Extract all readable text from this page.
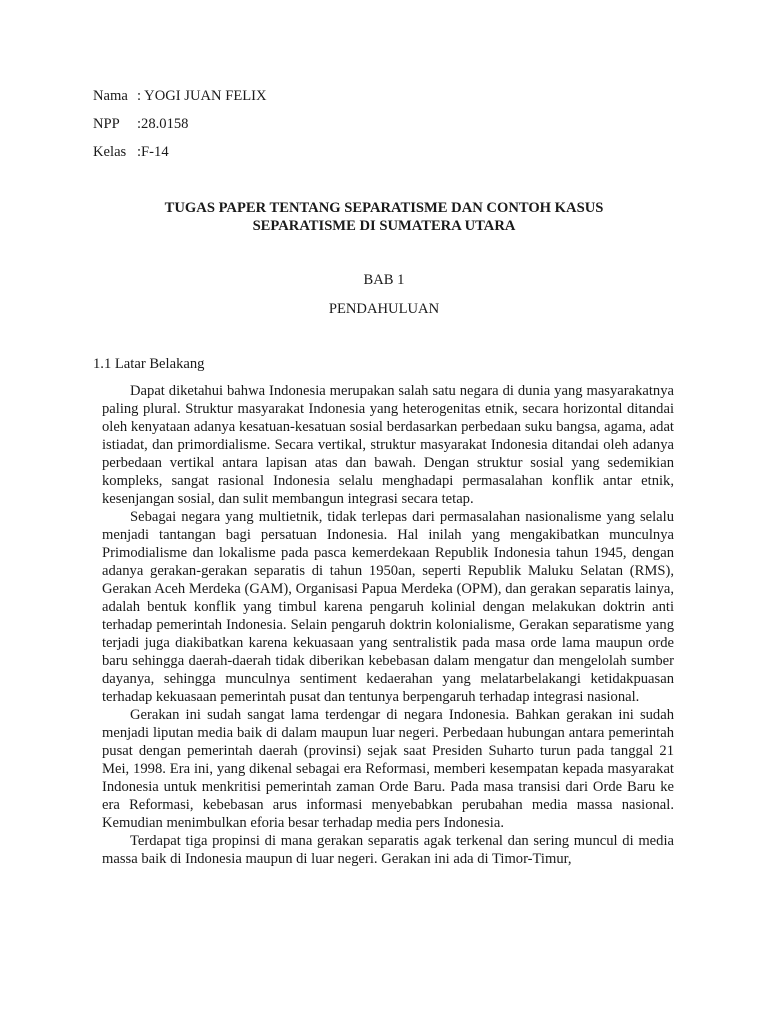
Nama : YOGI JUAN FELIX
NPP :28.0158
Kelas :F-14
TUGAS PAPER TENTANG SEPARATISME DAN CONTOH KASUS
SEPARATISME DI SUMATERA UTARA
BAB 1
PENDAHULUAN
1.1 Latar Belakang

Dapat diketahui bahwa Indonesia merupakan salah satu negara di dunia yang masyarakatnya paling plural. Struktur masyarakat Indonesia yang heterogenitas etnik, secara horizontal ditandai oleh kenyataan adanya kesatuan-kesatuan sosial berdasarkan perbedaan suku bangsa, agama, adat istiadat, dan primordialisme. Secara vertikal, struktur masyarakat Indonesia ditandai oleh adanya perbedaan vertikal antara lapisan atas dan bawah. Dengan struktur sosial yang sedemikian kompleks, sangat rasional Indonesia selalu menghadapi permasalahan konflik antar etnik, kesenjangan sosial, dan sulit membangun integrasi secara tetap.

Sebagai negara yang multietnik, tidak terlepas dari permasalahan nasionalisme yang selalu menjadi tantangan bagi persatuan Indonesia. Hal inilah yang mengakibatkan munculnya Primodialisme dan lokalisme pada pasca kemerdekaan Republik Indonesia tahun 1945, dengan adanya gerakan-gerakan separatis di tahun 1950an, seperti Republik Maluku Selatan (RMS), Gerakan Aceh Merdeka (GAM), Organisasi Papua Merdeka (OPM), dan gerakan separatis lainya, adalah bentuk konflik yang timbul karena pengaruh kolinial dengan melakukan doktrin anti terhadap pemerintah Indonesia. Selain pengaruh doktrin kolonialisme, Gerakan separatisme yang terjadi juga diakibatkan karena kekuasaan yang sentralistik pada masa orde lama maupun orde baru sehingga daerah-daerah tidak diberikan kebebasan dalam mengatur dan mengelolah sumber dayanya, sehingga munculnya sentiment kedaerahan yang melatarbelakangi ketidakpuasan terhadap kekuasaan pemerintah pusat dan tentunya berpengaruh terhadap integrasi nasional.

Gerakan ini sudah sangat lama terdengar di negara Indonesia. Bahkan gerakan ini sudah menjadi liputan media baik di dalam maupun luar negeri. Perbedaan hubungan antara pemerintah pusat dengan pemerintah daerah (provinsi) sejak saat Presiden Suharto turun pada tanggal 21 Mei, 1998. Era ini, yang dikenal sebagai era Reformasi, memberi kesempatan kepada masyarakat Indonesia untuk menkritisi pemerintah zaman Orde Baru. Pada masa transisi dari Orde Baru ke era Reformasi, kebebasan arus informasi menyebabkan perubahan media massa nasional. Kemudian menimbulkan eforia besar terhadap media pers Indonesia.

Terdapat tiga propinsi di mana gerakan separatis agak terkenal dan sering muncul di media massa baik di Indonesia maupun di luar negeri. Gerakan ini ada di Timor-Timur,
